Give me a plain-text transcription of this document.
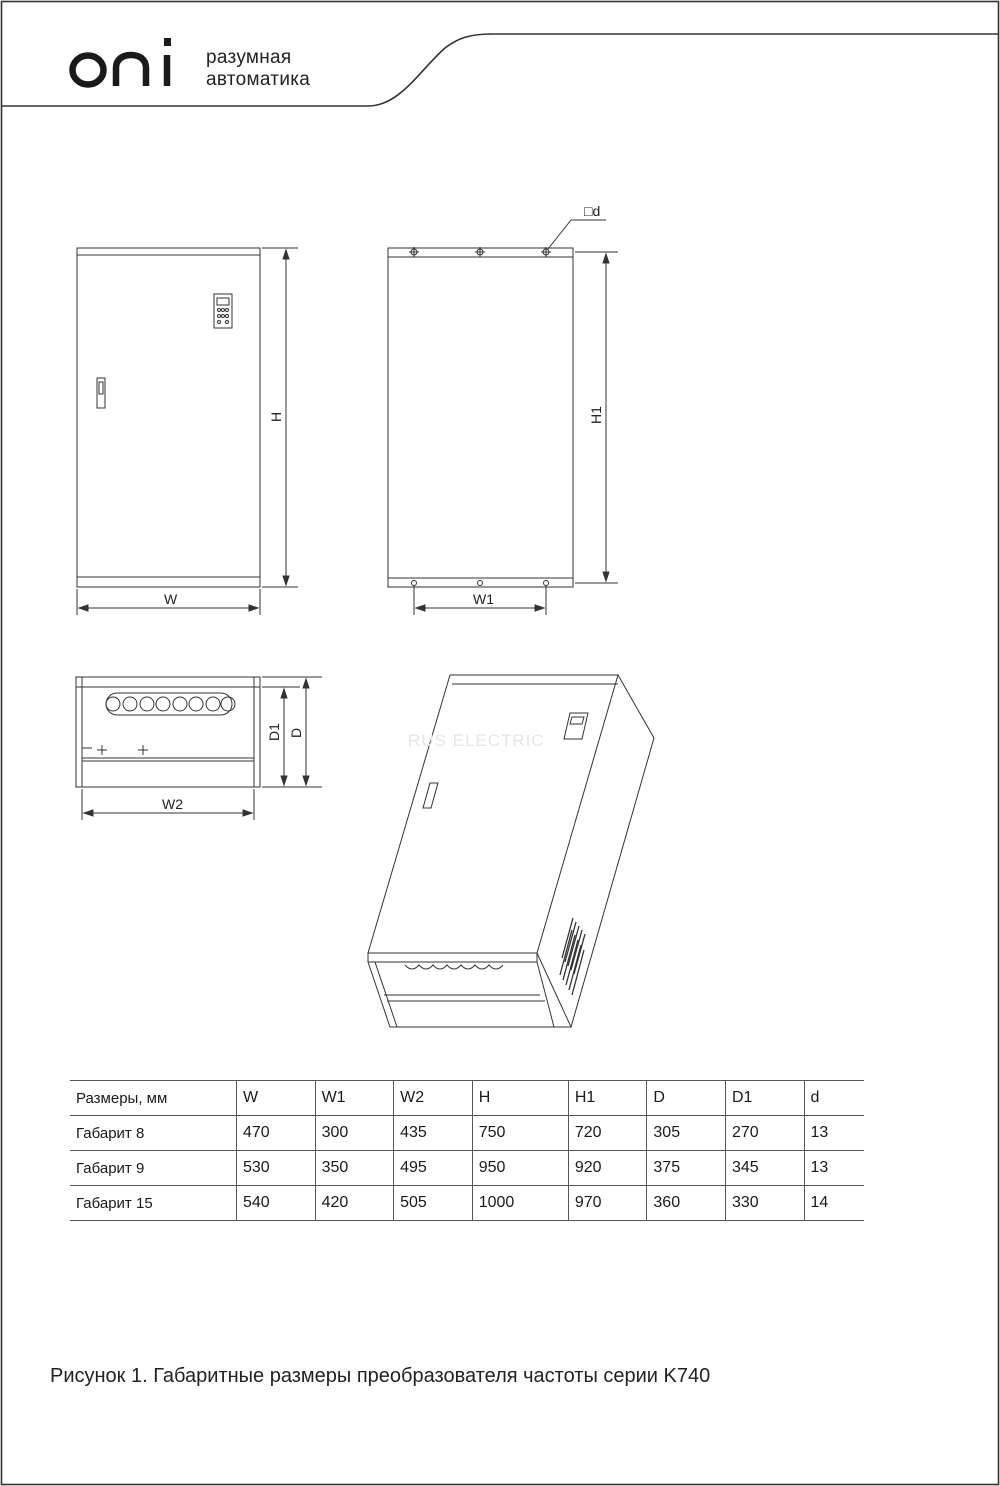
разумная
автоматика
W
H
□d
W1
H1
D1 D
W2
RUS ELECTRIC
Размеры, мм	W	W1	W2	H	H1	D	D1	d
Габарит 8	470	300	435	750	720	305	270	13
Габарит 9	530	350	495	950	920	375	345	13
Габарит 15	540	420	505	1000	970	360	330	14
Рисунок 1. Габаритные размеры преобразователя частоты серии K740
